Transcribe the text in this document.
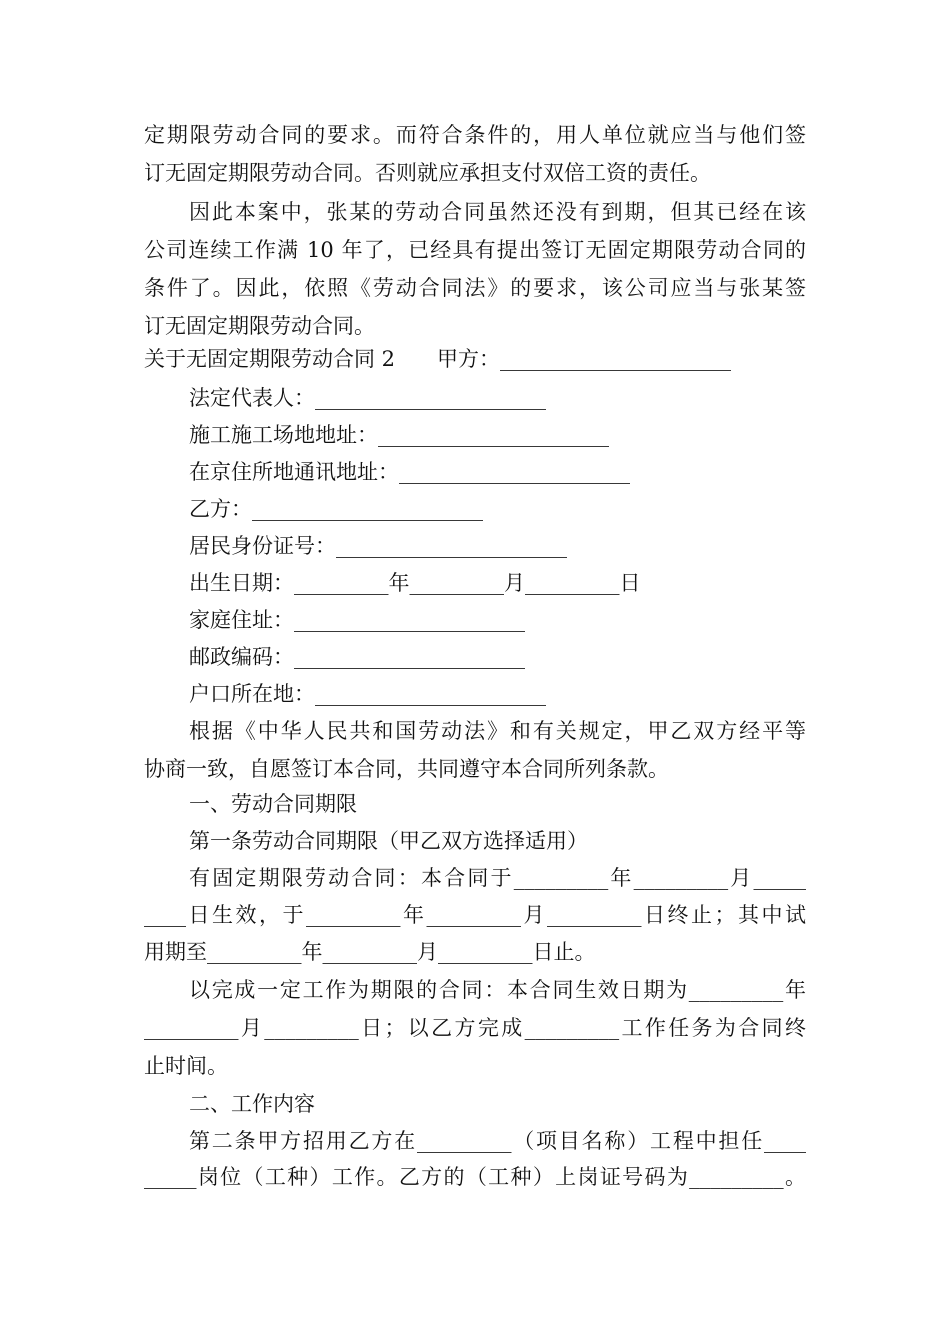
定期限劳动合同的要求。而符合条件的，用人单位就应当与他们签
订无固定期限劳动合同。否则就应承担支付双倍工资的责任。
因此本案中，张某的劳动合同虽然还没有到期，但其已经在该
公司连续工作满 10 年了，已经具有提出签订无固定期限劳动合同的
条件了。因此，依照《劳动合同法》的要求，该公司应当与张某签
订无固定期限劳动合同。
关于无固定期限劳动合同 2　　甲方：______________________
法定代表人：______________________
施工施工场地地址：______________________
在京住所地通讯地址：______________________
乙方：______________________
居民身份证号：______________________
出生日期：_________年_________月_________日
家庭住址：______________________
邮政编码：______________________
户口所在地：______________________
根据《中华人民共和国劳动法》和有关规定，甲乙双方经平等
协商一致，自愿签订本合同，共同遵守本合同所列条款。
一、劳动合同期限
第一条劳动合同期限（甲乙双方选择适用）
有固定期限劳动合同：本合同于_________年_________月_____
____日生效，于_________年_________月_________日终止；其中试
用期至_________年_________月_________日止。
以完成一定工作为期限的合同：本合同生效日期为_________年
_________月_________日；以乙方完成_________工作任务为合同终
止时间。
二、工作内容
第二条甲方招用乙方在_________（项目名称）工程中担任____
_____岗位（工种）工作。乙方的（工种）上岗证号码为_________。
